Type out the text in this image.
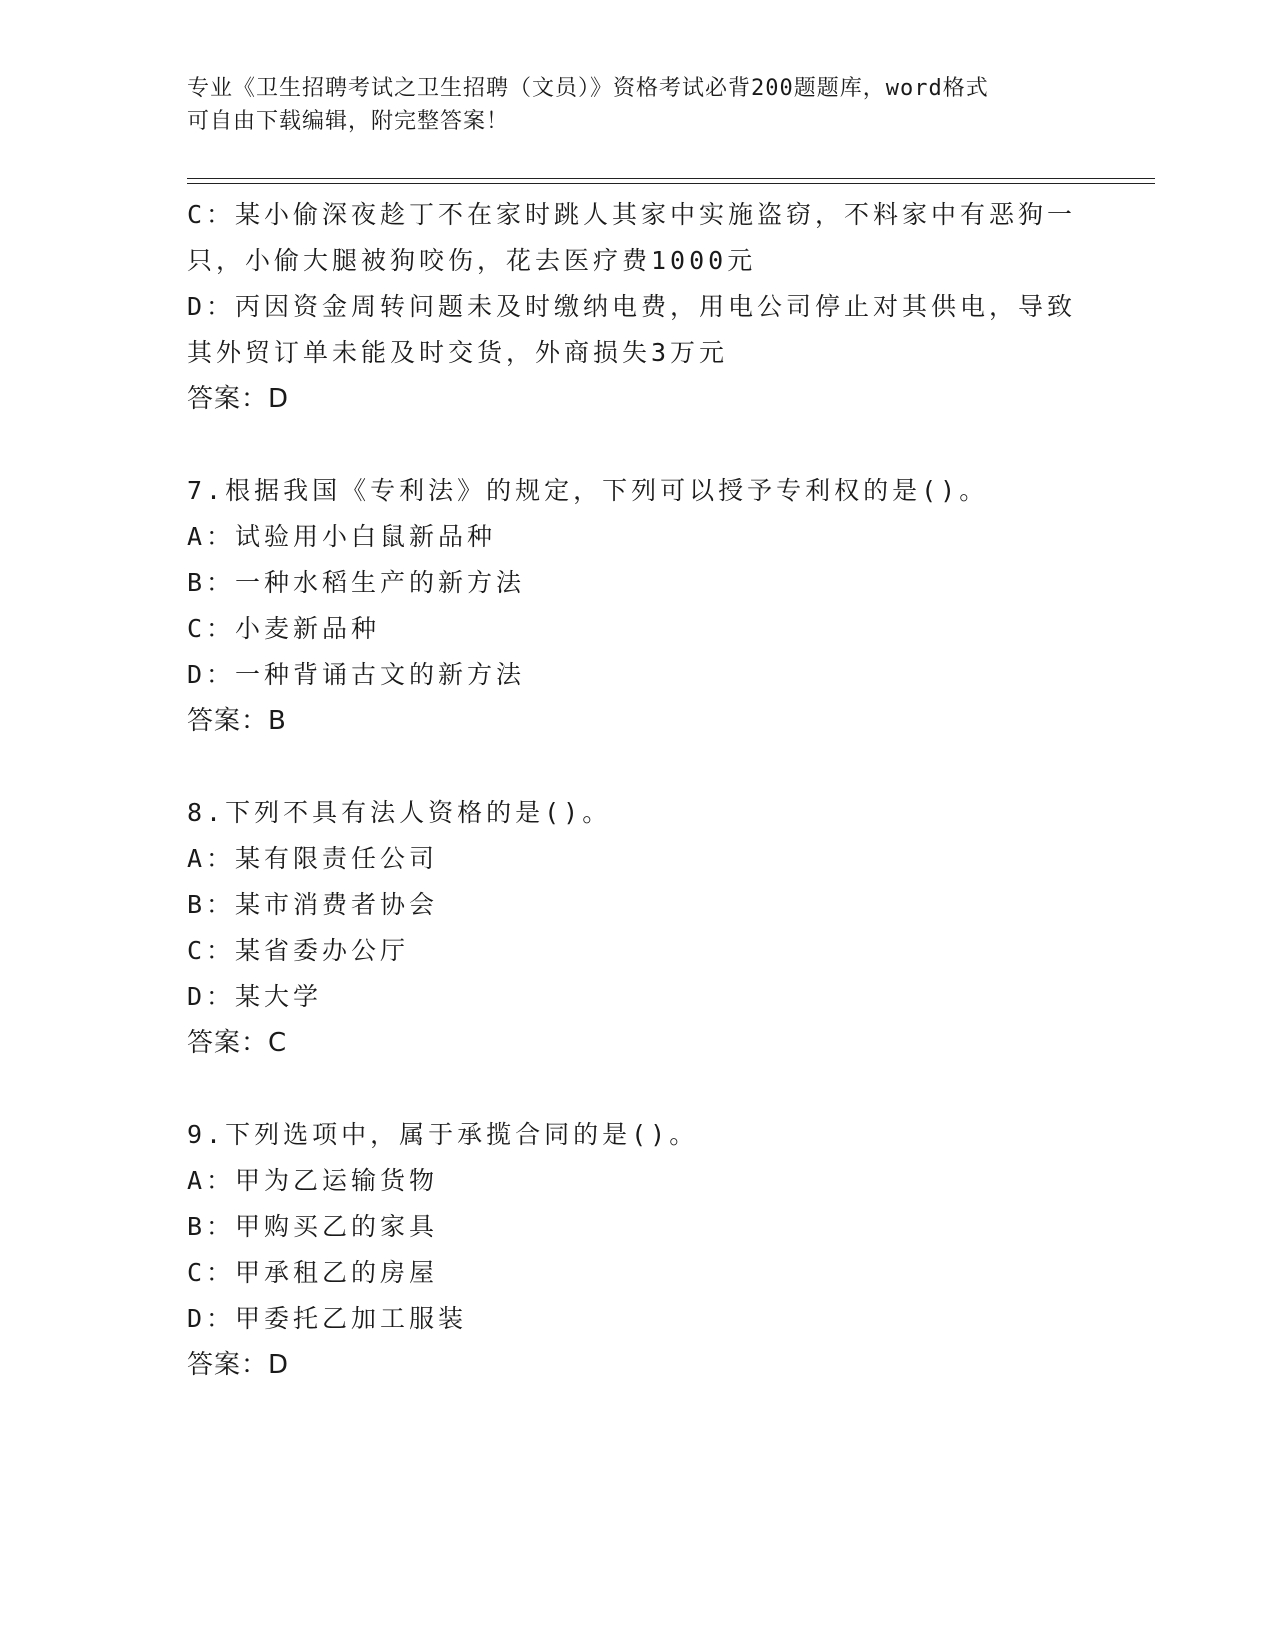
专业《卫生招聘考试之卫生招聘（文员）》资格考试必背200题题库，word格式
可自由下载编辑，附完整答案！
C：某小偷深夜趁丁不在家时跳人其家中实施盗窃，不料家中有恶狗一
只，小偷大腿被狗咬伤，花去医疗费1000元
D：丙因资金周转问题未及时缴纳电费，用电公司停止对其供电，导致
其外贸订单未能及时交货，外商损失3万元
答案：D
7.根据我国《专利法》的规定，下列可以授予专利权的是()。
A：试验用小白鼠新品种
B：一种水稻生产的新方法
C：小麦新品种
D：一种背诵古文的新方法
答案：B
8.下列不具有法人资格的是()。
A：某有限责任公司
B：某市消费者协会
C：某省委办公厅
D：某大学
答案：C
9.下列选项中，属于承揽合同的是()。
A：甲为乙运输货物
B：甲购买乙的家具
C：甲承租乙的房屋
D：甲委托乙加工服装
答案：D
